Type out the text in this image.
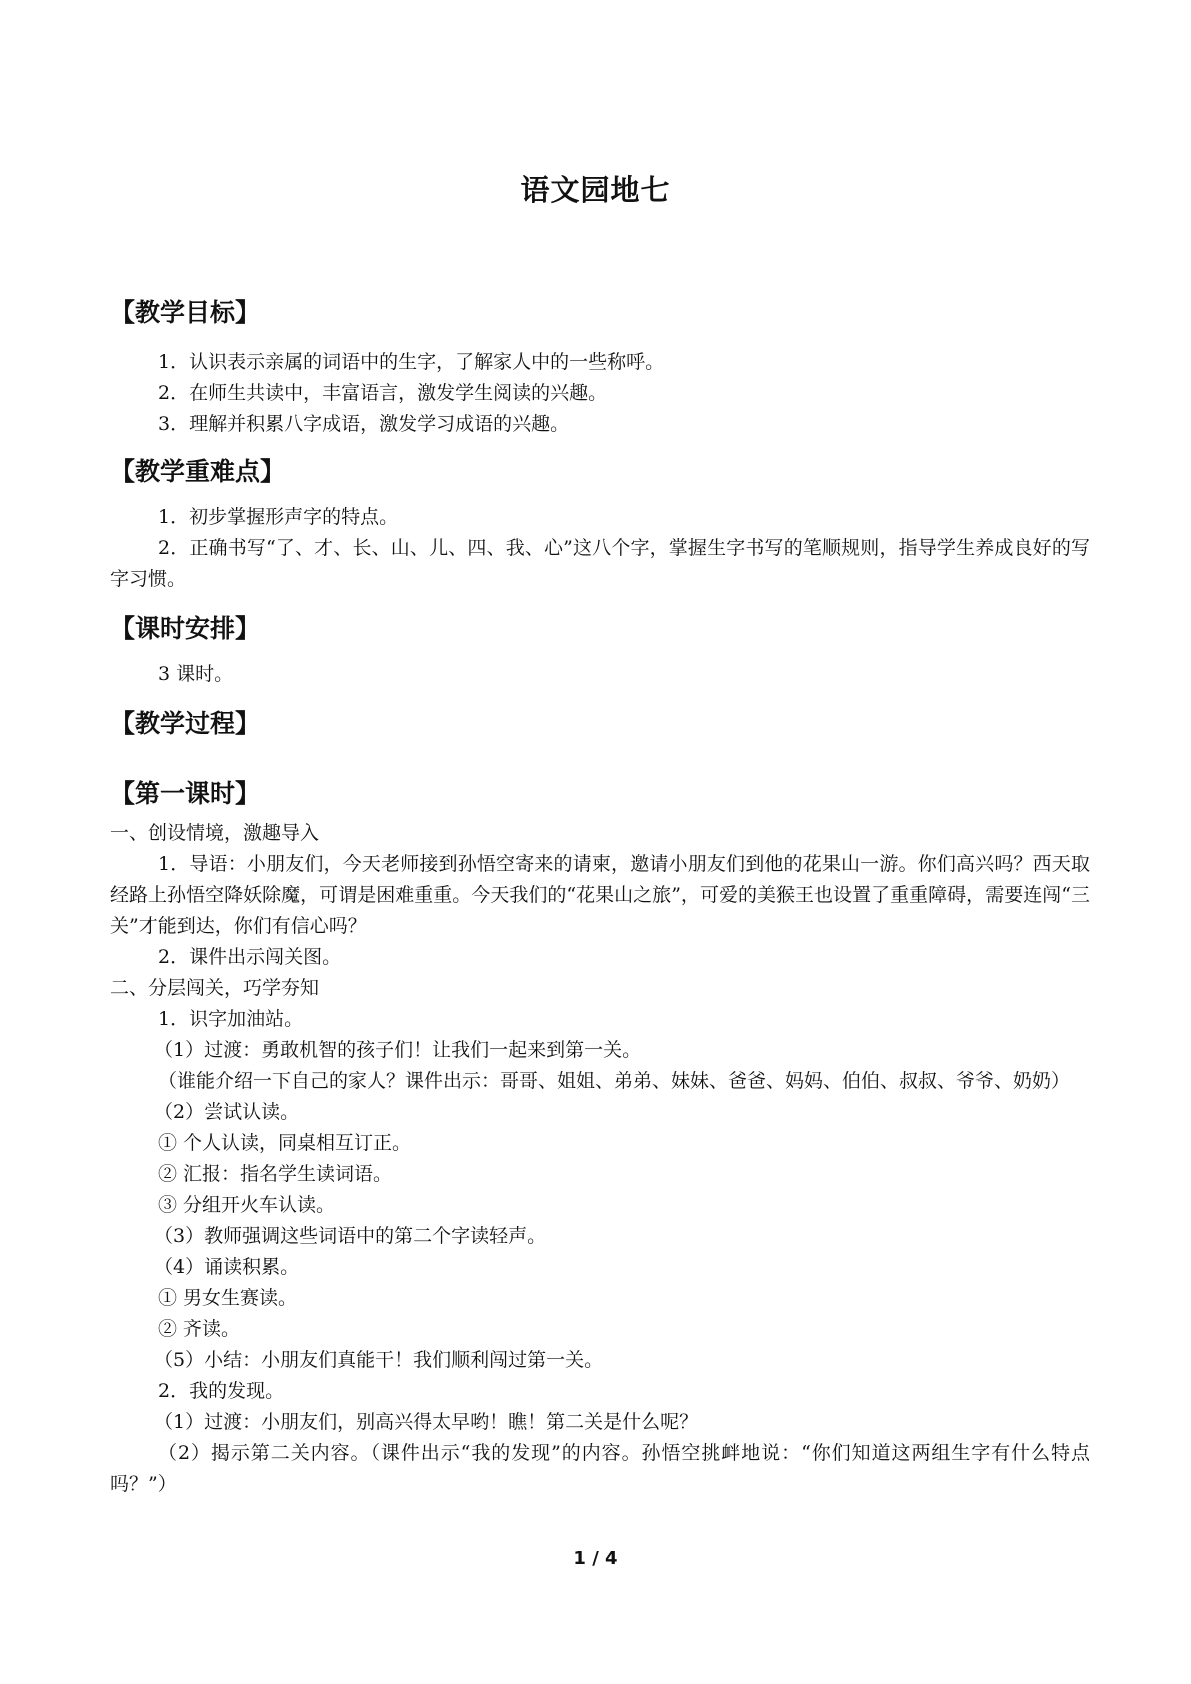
语文园地七
【教学目标】
1．认识表示亲属的词语中的生字，了解家人中的一些称呼。
2．在师生共读中，丰富语言，激发学生阅读的兴趣。
3．理解并积累八字成语，激发学习成语的兴趣。
【教学重难点】
1．初步掌握形声字的特点。
2．正确书写“了、才、长、山、儿、四、我、心”这八个字，掌握生字书写的笔顺规则，指导学生养成良好的写字习惯。
【课时安排】
3 课时。
【教学过程】
【第一课时】
一、创设情境，激趣导入
1．导语：小朋友们，今天老师接到孙悟空寄来的请柬，邀请小朋友们到他的花果山一游。你们高兴吗？西天取经路上孙悟空降妖除魔，可谓是困难重重。今天我们的“花果山之旅”，可爱的美猴王也设置了重重障碍，需要连闯“三关”才能到达，你们有信心吗？
2．课件出示闯关图。
二、分层闯关，巧学夯知
1．识字加油站。
（1）过渡：勇敢机智的孩子们！让我们一起来到第一关。
（谁能介绍一下自己的家人？课件出示：哥哥、姐姐、弟弟、妹妹、爸爸、妈妈、伯伯、叔叔、爷爷、奶奶）
（2）尝试认读。
① 个人认读，同桌相互订正。
② 汇报：指名学生读词语。
③ 分组开火车认读。
（3）教师强调这些词语中的第二个字读轻声。
（4）诵读积累。
① 男女生赛读。
② 齐读。
（5）小结：小朋友们真能干！我们顺利闯过第一关。
2．我的发现。
（1）过渡：小朋友们，别高兴得太早哟！瞧！第二关是什么呢？
（2）揭示第二关内容。（课件出示“我的发现”的内容。孙悟空挑衅地说：“你们知道这两组生字有什么特点吗？”）
1 / 4
